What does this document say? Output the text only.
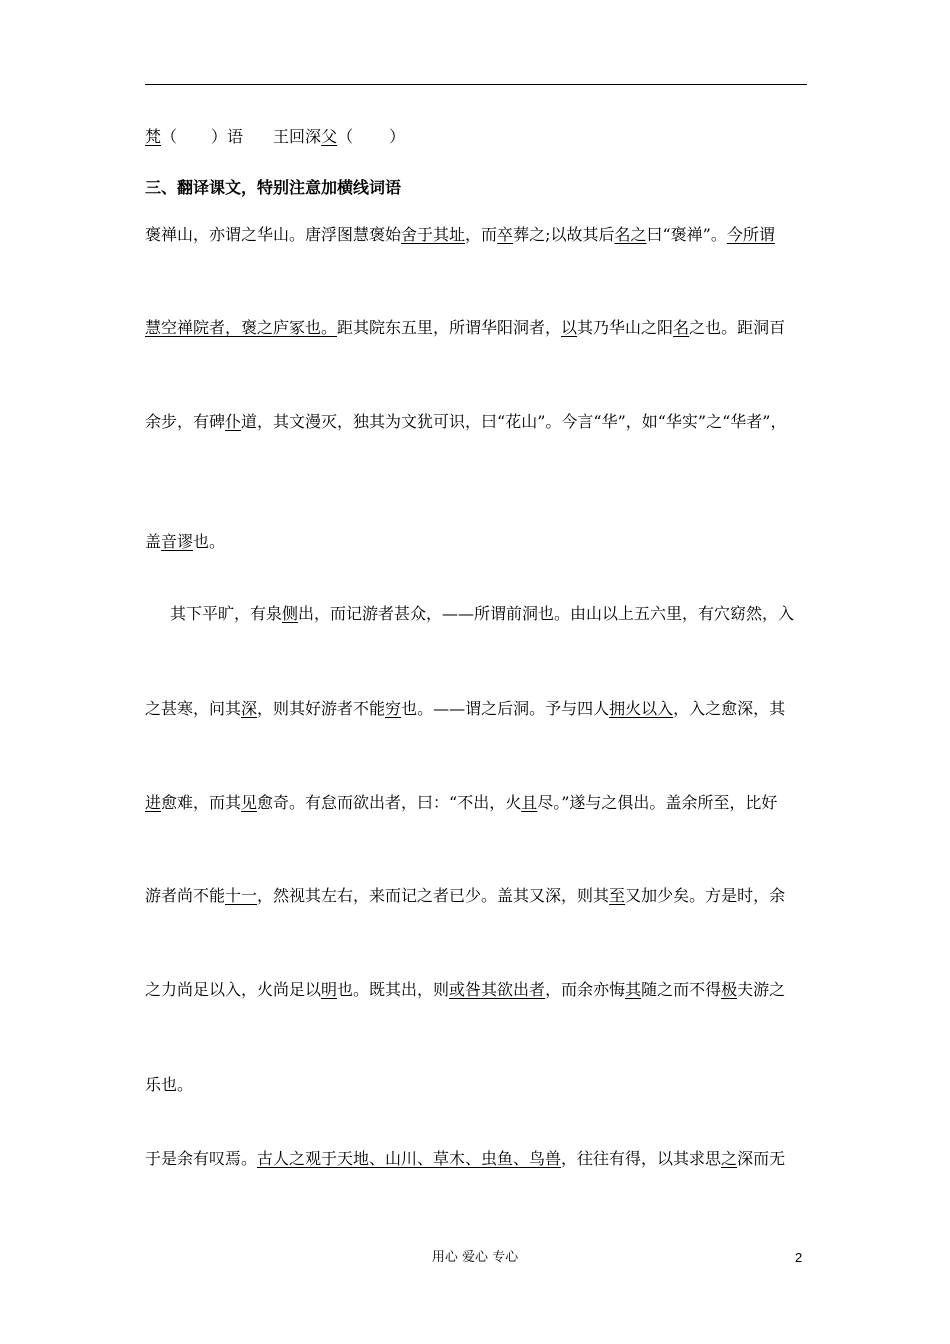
梵（ ）语 王回深父（ ）
三、翻译课文，特别注意加横线词语
褒禅山，亦谓之华山。唐浮图慧褒始舍于其址，而卒葬之;以故其后名之曰“褒禅”。今所谓
慧空禅院者，褒之庐冢也。距其院东五里，所谓华阳洞者，以其乃华山之阳名之也。距洞百
余步，有碑仆道，其文漫灭，独其为文犹可识，曰“花山”。今言“华”，如“华实”之“华者”，
盖音谬也。
其下平旷，有泉侧出，而记游者甚众，——所谓前洞也。由山以上五六里，有穴窈然，入
之甚寒，问其深，则其好游者不能穷也。——谓之后洞。予与四人拥火以入，入之愈深，其
进愈难，而其见愈奇。有怠而欲出者，曰：“不出，火且尽。”遂与之俱出。盖余所至，比好
游者尚不能十一，然视其左右，来而记之者已少。盖其又深，则其至又加少矣。方是时，余
之力尚足以入，火尚足以明也。既其出，则或咎其欲出者，而余亦悔其随之而不得极夫游之
乐也。
于是余有叹焉。古人之观于天地、山川、草木、虫鱼、鸟兽，往往有得，以其求思之深而无
用心 爱心 专心	2
